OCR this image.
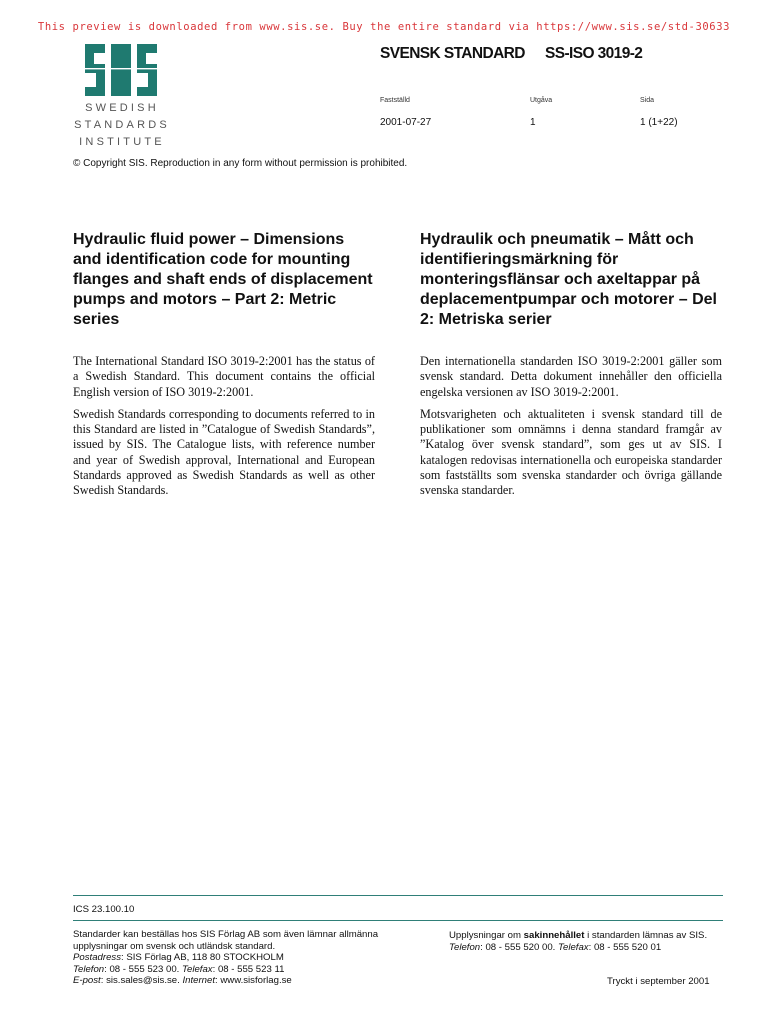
This preview is downloaded from www.sis.se. Buy the entire standard via https://www.sis.se/std-30633
SWEDISH
STANDARDS
INSTITUTE
SVENSK STANDARD SS-ISO 3019-2
Fastställd	Utgåva	Sida
2001-07-27	1	1 (1+22)
© Copyright SIS. Reproduction in any form without permission is prohibited.
Hydraulic fluid power – Dimensions and identification code for mounting flanges and shaft ends of displacement pumps and motors – Part 2: Metric series

The International Standard ISO 3019-2:2001 has the status of a Swedish Standard. This document contains the official English version of ISO 3019-2:2001.

Swedish Standards corresponding to documents referred to in this Standard are listed in ”Catalogue of Swedish Standards”, issued by SIS. The Catalogue lists, with reference number and year of Swedish approval, International and European Standards approved as Swedish Standards as well as other Swedish Standards.

Hydraulik och pneumatik – Mått och identifieringsmärkning för monteringsflänsar och axeltappar på deplacementpumpar och motorer – Del 2: Metriska serier

Den internationella standarden ISO 3019-2:2001 gäller som svensk standard. Detta dokument innehåller den officiella engelska versionen av ISO 3019-2:2001.

Motsvarigheten och aktualiteten i svensk standard till de publikationer som omnämns i denna standard framgår av ”Katalog över svensk standard”, som ges ut av SIS. I katalogen redovisas internationella och europeiska standarder som fastställts som svenska standarder och övriga gällande svenska standarder.

ICS 23.100.10
Standarder kan beställas hos SIS Förlag AB som även lämnar allmänna upplysningar om svensk och utländsk standard.
Postadress: SIS Förlag AB, 118 80 STOCKHOLM
Telefon: 08 - 555 523 00. Telefax: 08 - 555 523 11
E-post: sis.sales@sis.se. Internet: www.sisforlag.se
Upplysningar om sakinnehållet i standarden lämnas av SIS.
Telefon: 08 - 555 520 00. Telefax: 08 - 555 520 01
Tryckt i september 2001
